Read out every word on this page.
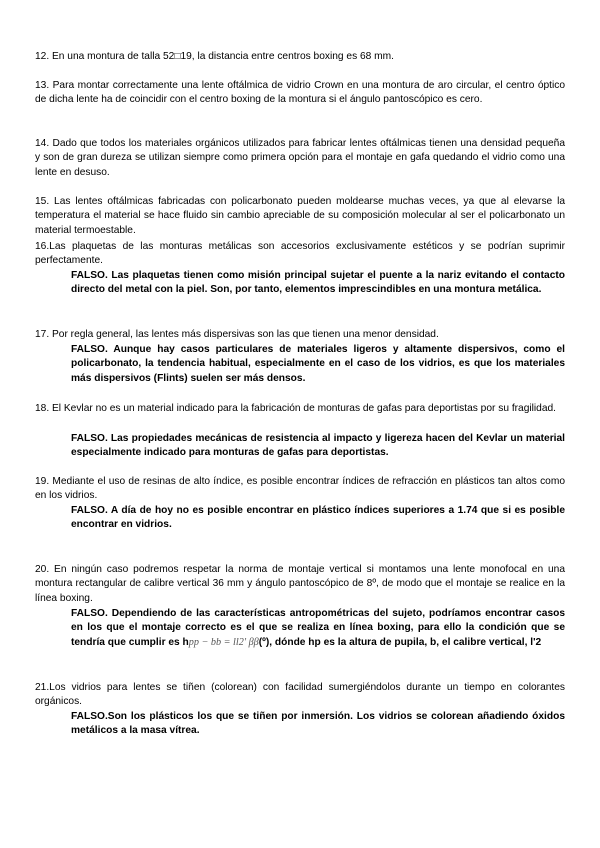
12. En una montura de talla 52□19, la distancia entre centros boxing es 68 mm.

13. Para montar correctamente una lente oftálmica de vidrio Crown en una montura de aro circular, el centro óptico de dicha lente ha de coincidir con el centro boxing de la montura si el ángulo pantoscópico es cero.

14. Dado que todos los materiales orgánicos utilizados para fabricar lentes oftálmicas tienen una densidad pequeña y son de gran dureza se utilizan siempre como primera opción para el montaje en gafa quedando el vidrio como una lente en desuso.

15. Las lentes oftálmicas fabricadas con policarbonato pueden moldearse muchas veces, ya que al elevarse la temperatura el material se hace fluido sin cambio apreciable de su composición molecular al ser el policarbonato un material termoestable.

16.Las plaquetas de las monturas metálicas son accesorios exclusivamente estéticos y se podrían suprimir perfectamente.

FALSO. Las plaquetas tienen como misión principal sujetar el puente a la nariz evitando el contacto directo del metal con la piel. Son, por tanto, elementos imprescindibles en una montura metálica.

17. Por regla general, las lentes más dispersivas son las que tienen una menor densidad.

FALSO. Aunque hay casos particulares de materiales ligeros y altamente dispersivos, como el policarbonato, la tendencia habitual, especialmente en el caso de los vidrios, es que los materiales más dispersivos (Flints) suelen ser más densos.

18. El Kevlar no es un material indicado para la fabricación de monturas de gafas para deportistas por su fragilidad.

FALSO. Las propiedades mecánicas de resistencia al impacto y ligereza hacen del Kevlar un material especialmente indicado para monturas de gafas para deportistas.

19. Mediante el uso de resinas de alto índice, es posible encontrar índices de refracción en plásticos tan altos como en los vidrios.

FALSO. A día de hoy no es posible encontrar en plástico índices superiores a 1.74 que si es posible encontrar en vidrios.

20. En ningún caso podremos respetar la norma de montaje vertical si montamos una lente monofocal en una montura rectangular de calibre vertical 36 mm y ángulo pantoscópico de 8º, de modo que el montaje se realice en la línea boxing.

FALSO. Dependiendo de las características antropométricas del sujeto, podríamos encontrar casos en los que el montaje correcto es el que se realiza en línea boxing, para ello la condición que se tendría que cumplir es hpp − bb = ll2′ ββ(º), dónde hp es la altura de pupila, b, el calibre vertical, l'2

21.Los vidrios para lentes se tiñen (colorean) con facilidad sumergiéndolos durante un tiempo en colorantes orgánicos.

FALSO.Son los plásticos los que se tiñen por inmersión. Los vidrios se colorean añadiendo óxidos metálicos a la masa vítrea.
